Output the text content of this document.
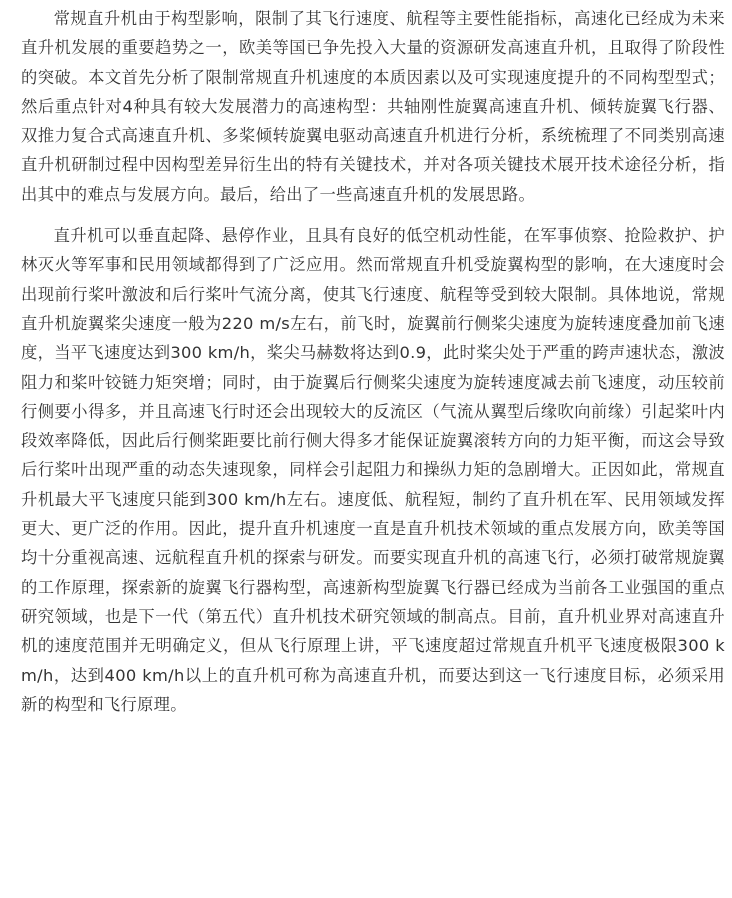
常规直升机由于构型影响，限制了其飞行速度、航程等主要性能指标，高速化已经成为未来直升机发展的重要趋势之一，欧美等国已争先投入大量的资源研发高速直升机，且取得了阶段性的突破。本文首先分析了限制常规直升机速度的本质因素以及可实现速度提升的不同构型型式；然后重点针对4种具有较大发展潜力的高速构型：共轴刚性旋翼高速直升机、倾转旋翼飞行器、双推力复合式高速直升机、多桨倾转旋翼电驱动高速直升机进行分析，系统梳理了不同类别高速直升机研制过程中因构型差异衍生出的特有关键技术，并对各项关键技术展开技术途径分析，指出其中的难点与发展方向。最后，给出了一些高速直升机的发展思路。

直升机可以垂直起降、悬停作业，且具有良好的低空机动性能，在军事侦察、抢险救护、护林灭火等军事和民用领域都得到了广泛应用。然而常规直升机受旋翼构型的影响，在大速度时会出现前行桨叶激波和后行桨叶气流分离，使其飞行速度、航程等受到较大限制。具体地说，常规直升机旋翼桨尖速度一般为220 m/s左右，前飞时，旋翼前行侧桨尖速度为旋转速度叠加前飞速度，当平飞速度达到300 km/h，桨尖马赫数将达到0.9，此时桨尖处于严重的跨声速状态，激波阻力和桨叶铰链力矩突增；同时，由于旋翼后行侧桨尖速度为旋转速度减去前飞速度，动压较前行侧要小得多，并且高速飞行时还会出现较大的反流区（气流从翼型后缘吹向前缘）引起桨叶内段效率降低，因此后行侧桨距要比前行侧大得多才能保证旋翼滚转方向的力矩平衡，而这会导致后行桨叶出现严重的动态失速现象，同样会引起阻力和操纵力矩的急剧增大。正因如此，常规直升机最大平飞速度只能到300 km/h左右。速度低、航程短，制约了直升机在军、民用领域发挥更大、更广泛的作用。因此，提升直升机速度一直是直升机技术领域的重点发展方向，欧美等国均十分重视高速、远航程直升机的探索与研发。而要实现直升机的高速飞行，必须打破常规旋翼的工作原理，探索新的旋翼飞行器构型，高速新构型旋翼飞行器已经成为当前各工业强国的重点研究领域，也是下一代（第五代）直升机技术研究领域的制高点。目前，直升机业界对高速直升机的速度范围并无明确定义，但从飞行原理上讲，平飞速度超过常规直升机平飞速度极限300 km/h，达到400 km/h以上的直升机可称为高速直升机，而要达到这一飞行速度目标，必须采用新的构型和飞行原理。
